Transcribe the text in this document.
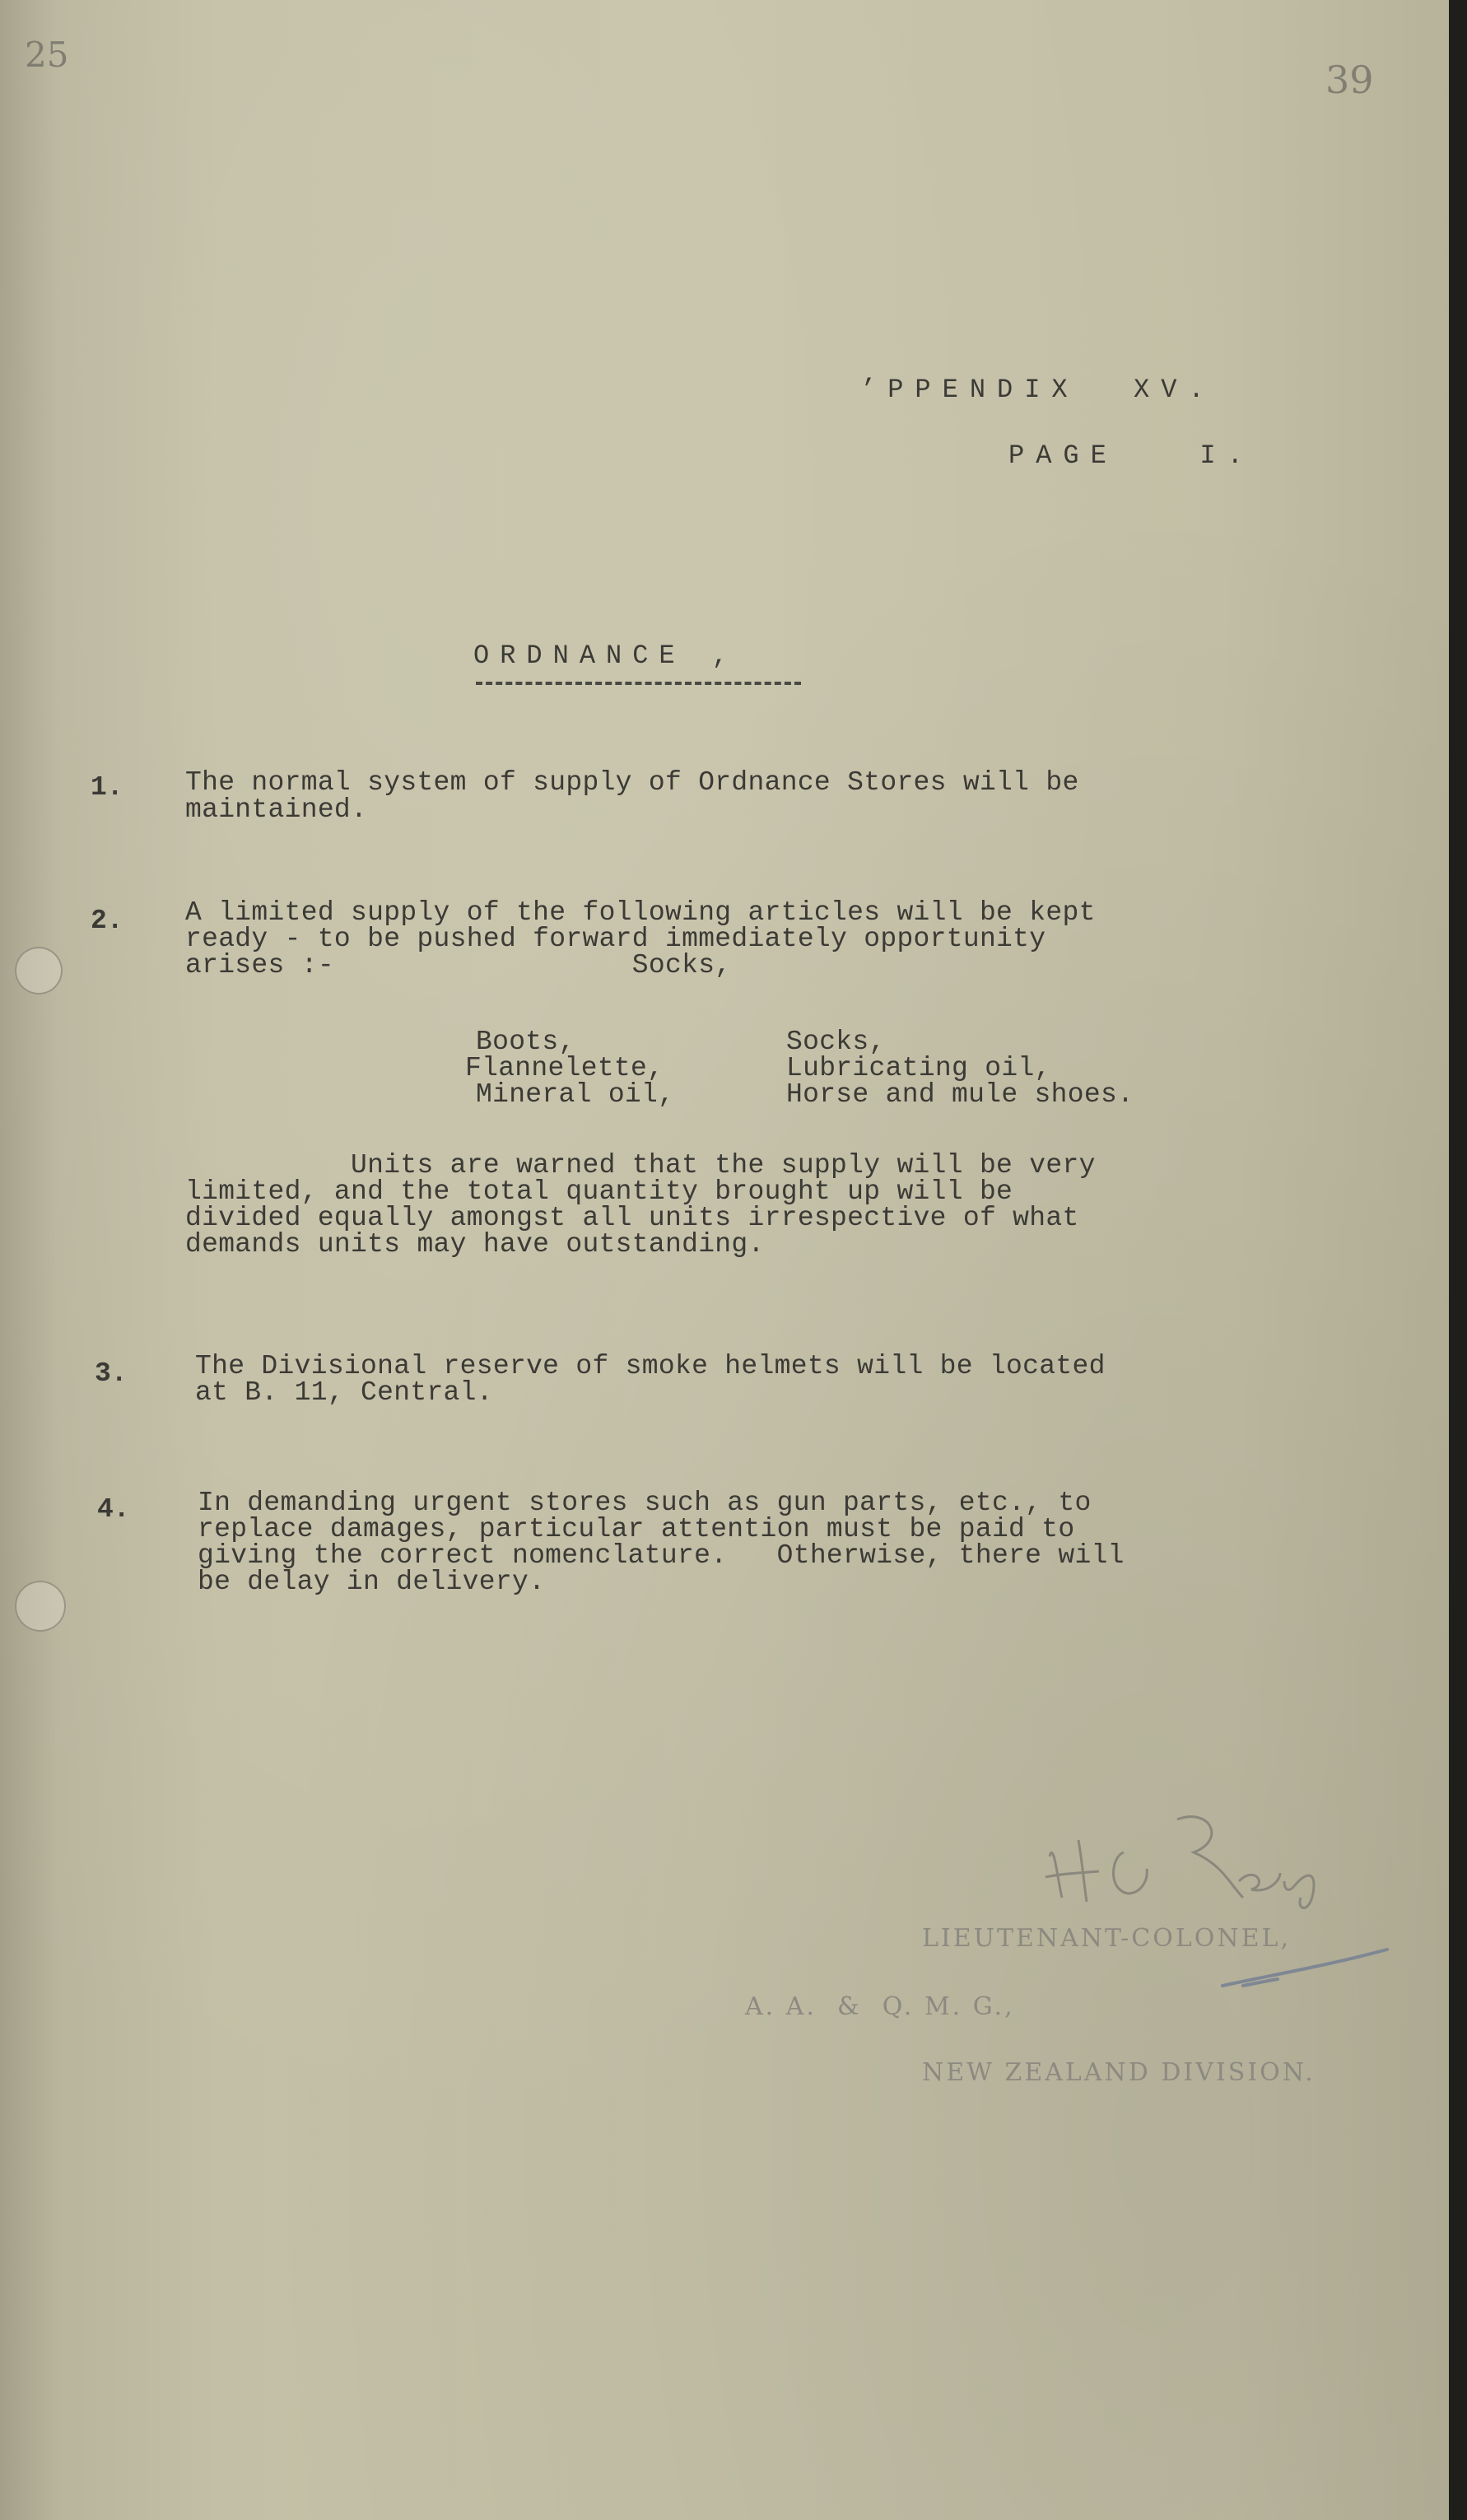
25
39
’PPENDIX  XV.
PAGE   I.
ORDNANCE ,
1. The normal system of supply of Ordnance Stores will be
maintained.
2. A limited supply of the following articles will be kept
ready - to be pushed forward immediately opportunity
arises :-                  Socks,
Boots,
Flannelette,
Mineral oil,
Socks,
Lubricating oil,
Horse and mule shoes.
Units are warned that the supply will be very
limited, and the total quantity brought up will be
divided equally amongst all units irrespective of what
demands units may have outstanding.
3. The Divisional reserve of smoke helmets will be located
at B. 11, Central.
4. In demanding urgent stores such as gun parts, etc., to
replace damages, particular attention must be paid to
giving the correct nomenclature.   Otherwise, there will
be delay in delivery.
LIEUTENANT-COLONEL,
A. A.  &  Q. M. G.,
NEW ZEALAND DIVISION.
